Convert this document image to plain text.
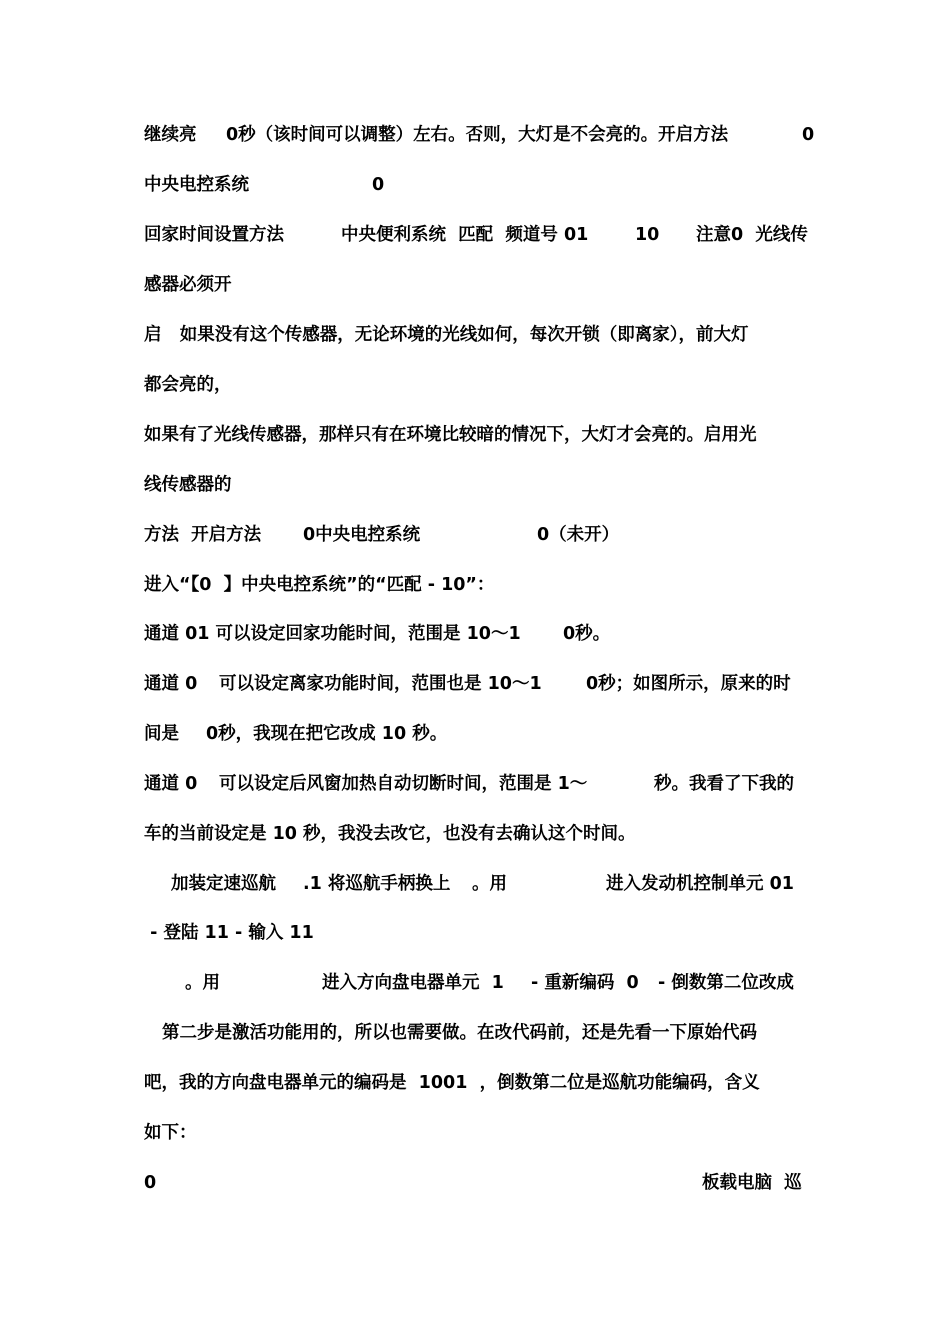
继续亮 0秒（该时间可以调整）左右。否则，大灯是不会亮的。开启方法	0
中央电控系统	0
回家时间设置方法	中央便利系统  匹配  频道号 01	10 注意0  光线传
感器必须开
启   如果没有这个传感器，无论环境的光线如何，每次开锁（即离家），前大灯
都会亮的，
如果有了光线传感器，那样只有在环境比较暗的情况下，大灯才会亮的。启用光
线传感器的
方法  开启方法 0中央电控系统	0（未开）
进入“【0  】中央电控系统”的“匹配 - 10”：
通道 01 可以设定回家功能时间，范围是 10～1 0秒。
通道 0 可以设定离家功能时间，范围也是 10～1	0秒；如图所示，原来的时
间是 0秒，我现在把它改成 10 秒。
通道 0 可以设定后风窗加热自动切断时间，范围是 1～	秒。我看了下我的
车的当前设定是 10 秒，我没去改它，也没有去确认这个时间。
加装定速巡航 .1 将巡航手柄换上 。用	进入发动机控制单元 01
- 登陆 11 - 输入 11
。用	进入方向盘电器单元  1 - 重新编码  0 - 倒数第二位改成
第二步是激活功能用的，所以也需要做。在改代码前，还是先看一下原始代码
吧，我的方向盘电器单元的编码是  1001  ，倒数第二位是巡航功能编码，含义
如下：
0	板载电脑  巡
